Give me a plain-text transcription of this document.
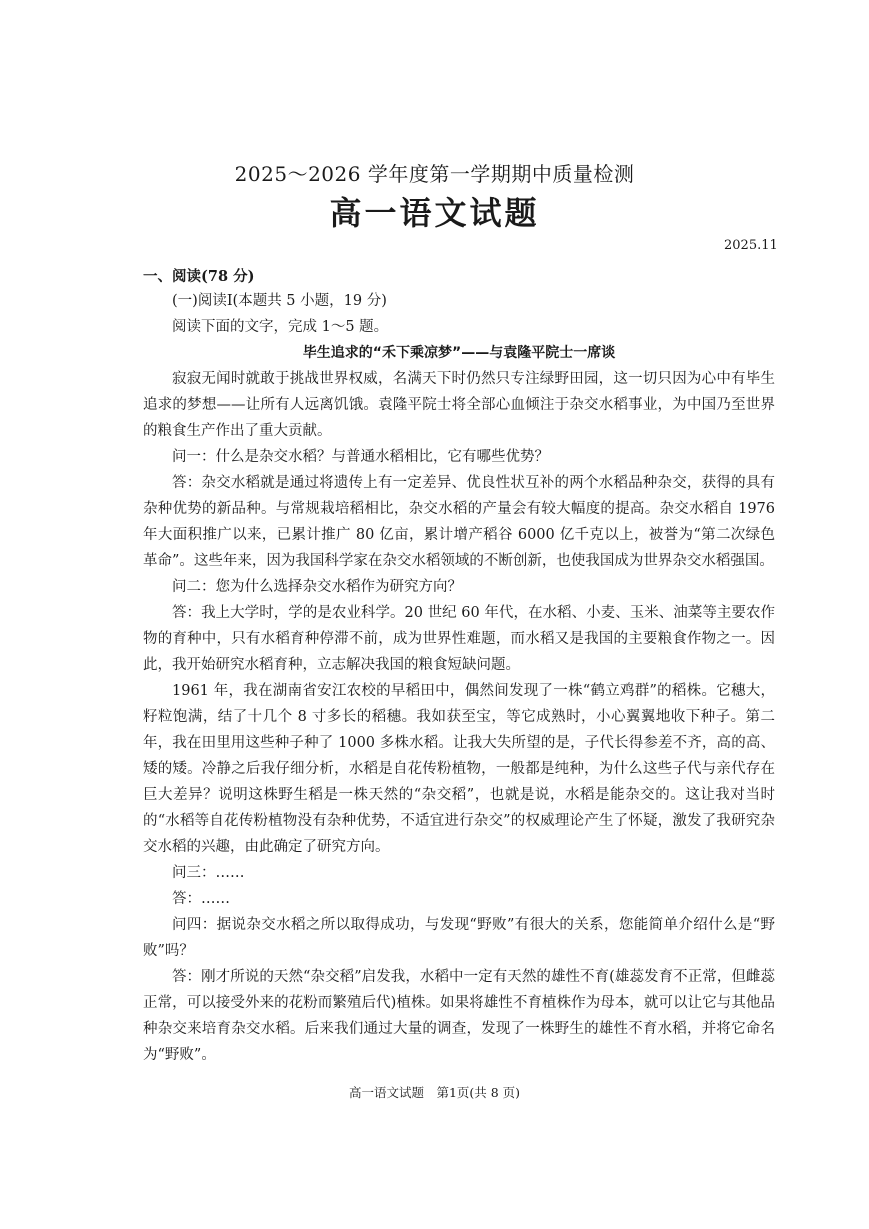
2025～2026 学年度第一学期期中质量检测
高一语文试题
2025.11
一、阅读(78 分)

(一)阅读Ⅰ(本题共 5 小题，19 分)

阅读下面的文字，完成 1～5 题。

毕生追求的“禾下乘凉梦”——与袁隆平院士一席谈

寂寂无闻时就敢于挑战世界权威，名满天下时仍然只专注绿野田园，这一切只因为心中有毕生追求的梦想——让所有人远离饥饿。袁隆平院士将全部心血倾注于杂交水稻事业，为中国乃至世界的粮食生产作出了重大贡献。

问一：什么是杂交水稻？与普通水稻相比，它有哪些优势？

答：杂交水稻就是通过将遗传上有一定差异、优良性状互补的两个水稻品种杂交，获得的具有杂种优势的新品种。与常规栽培稻相比，杂交水稻的产量会有较大幅度的提高。杂交水稻自 1976 年大面积推广以来，已累计推广 80 亿亩，累计增产稻谷 6000 亿千克以上，被誉为“第二次绿色革命”。这些年来，因为我国科学家在杂交水稻领域的不断创新，也使我国成为世界杂交水稻强国。

问二：您为什么选择杂交水稻作为研究方向？

答：我上大学时，学的是农业科学。20 世纪 60 年代，在水稻、小麦、玉米、油菜等主要农作物的育种中，只有水稻育种停滞不前，成为世界性难题，而水稻又是我国的主要粮食作物之一。因此，我开始研究水稻育种，立志解决我国的粮食短缺问题。

1961 年，我在湖南省安江农校的早稻田中，偶然间发现了一株“鹤立鸡群”的稻株。它穗大，籽粒饱满，结了十几个 8 寸多长的稻穗。我如获至宝，等它成熟时，小心翼翼地收下种子。第二年，我在田里用这些种子种了 1000 多株水稻。让我大失所望的是，子代长得参差不齐，高的高、矮的矮。冷静之后我仔细分析，水稻是自花传粉植物，一般都是纯种，为什么这些子代与亲代存在巨大差异？说明这株野生稻是一株天然的“杂交稻”，也就是说，水稻是能杂交的。这让我对当时的“水稻等自花传粉植物没有杂种优势，不适宜进行杂交”的权威理论产生了怀疑，激发了我研究杂交水稻的兴趣，由此确定了研究方向。

问三：……

答：……

问四：据说杂交水稻之所以取得成功，与发现“野败”有很大的关系，您能简单介绍什么是“野败”吗？

答：刚才所说的天然“杂交稻”启发我，水稻中一定有天然的雄性不育(雄蕊发育不正常，但雌蕊正常，可以接受外来的花粉而繁殖后代)植株。如果将雄性不育植株作为母本，就可以让它与其他品种杂交来培育杂交水稻。后来我们通过大量的调查，发现了一株野生的雄性不育水稻，并将它命名为“野败”。

高一语文试题　第1页(共 8 页)
